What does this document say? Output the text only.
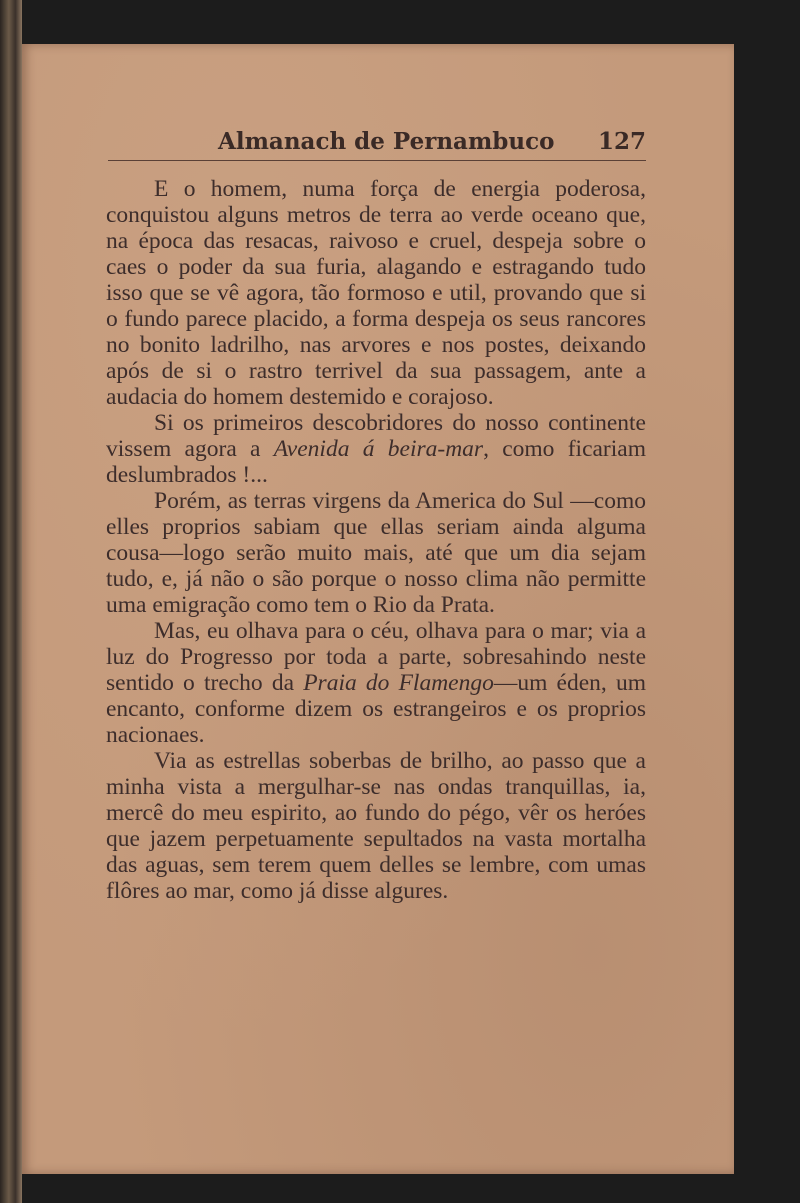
Almanach de Pernambuco 127

E o homem, numa força de energia poderosa, conquistou alguns metros de terra ao verde oceano que, na época das resacas, raivoso e cruel, despeja sobre o caes o poder da sua furia, alagando e estragando tudo isso que se vê agora, tão formoso e util, provando que si o fundo parece placido, a forma despeja os seus rancores no bonito ladrilho, nas arvores e nos postes, deixando após de si o rastro terrivel da sua passagem, ante a audacia do homem destemido e corajoso.

Si os primeiros descobridores do nosso continente vissem agora a Avenida á beira-mar, como ficariam deslumbrados !...

Porém, as terras virgens da America do Sul —como elles proprios sabiam que ellas seriam ainda alguma cousa—logo serão muito mais, até que um dia sejam tudo, e, já não o são porque o nosso clima não permitte uma emigração como tem o Rio da Prata.

Mas, eu olhava para o céu, olhava para o mar; via a luz do Progresso por toda a parte, sobresahindo neste sentido o trecho da Praia do Flamengo—um éden, um encanto, conforme dizem os estrangeiros e os proprios nacionaes.

Via as estrellas soberbas de brilho, ao passo que a minha vista a mergulhar-se nas ondas tranquillas, ia, mercê do meu espirito, ao fundo do pégo, vêr os heróes que jazem perpetuamente sepultados na vasta mortalha das aguas, sem terem quem delles se lembre, com umas flôres ao mar, como já disse algures.
